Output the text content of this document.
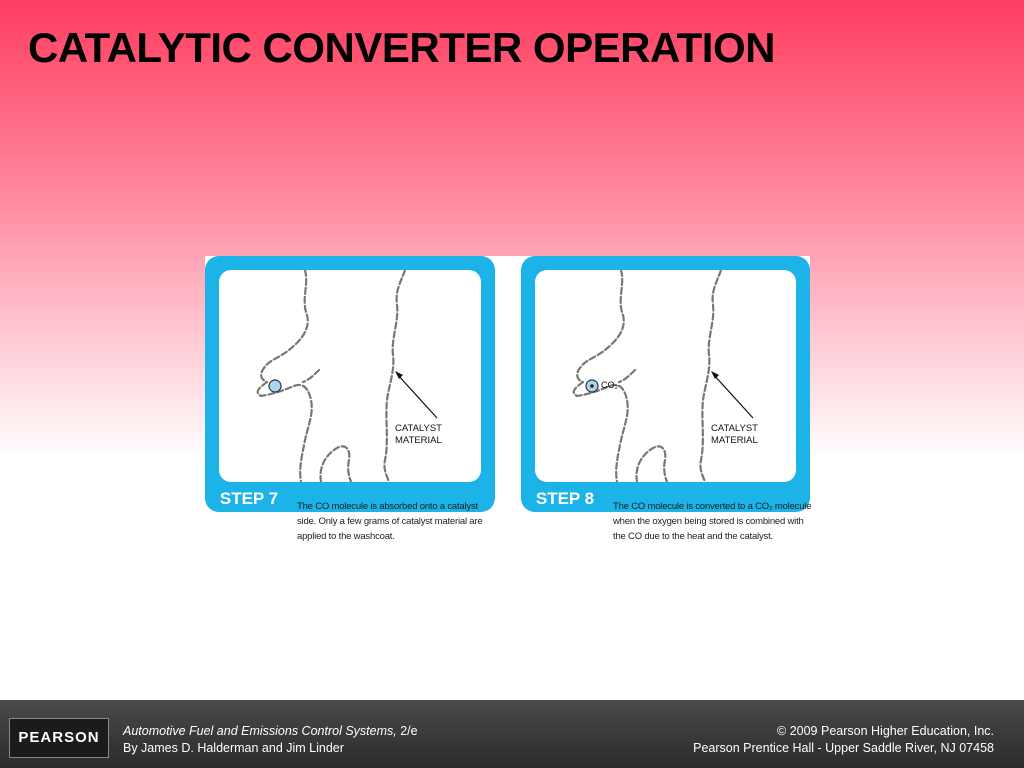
CATALYTIC CONVERTER OPERATION
CATALYST
MATERIAL
STEP 7	The CO molecule is absorbed onto a catalyst side. Only a few grams of catalyst material are applied to the washcoat.
CO₂
CATALYST
MATERIAL
STEP 8	The CO molecule is converted to a CO₂ molecule when the oxygen being stored is combined with the CO due to the heat and the catalyst.
PEARSON	Automotive Fuel and Emissions Control Systems, 2/e
By James D. Halderman and Jim Linder
© 2009 Pearson Higher Education, Inc.
Pearson Prentice Hall - Upper Saddle River, NJ 07458
